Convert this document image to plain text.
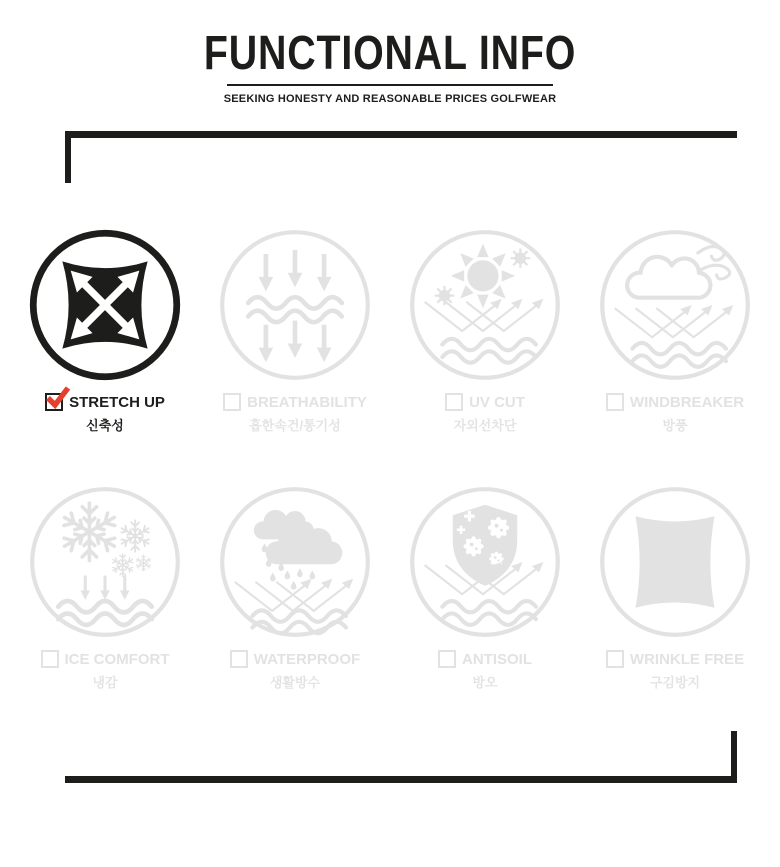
FUNCTIONAL INFO
SEEKING HONESTY AND REASONABLE PRICES GOLFWEAR
STRETCH UP
신축성
BREATHABILITY
흡한속건/통기성
UV CUT
자외선차단
WINDBREAKER
방풍
ICE COMFORT
냉감
WATERPROOF
생활방수
ANTISOIL
방오
WRINKLE FREE
구김방지
